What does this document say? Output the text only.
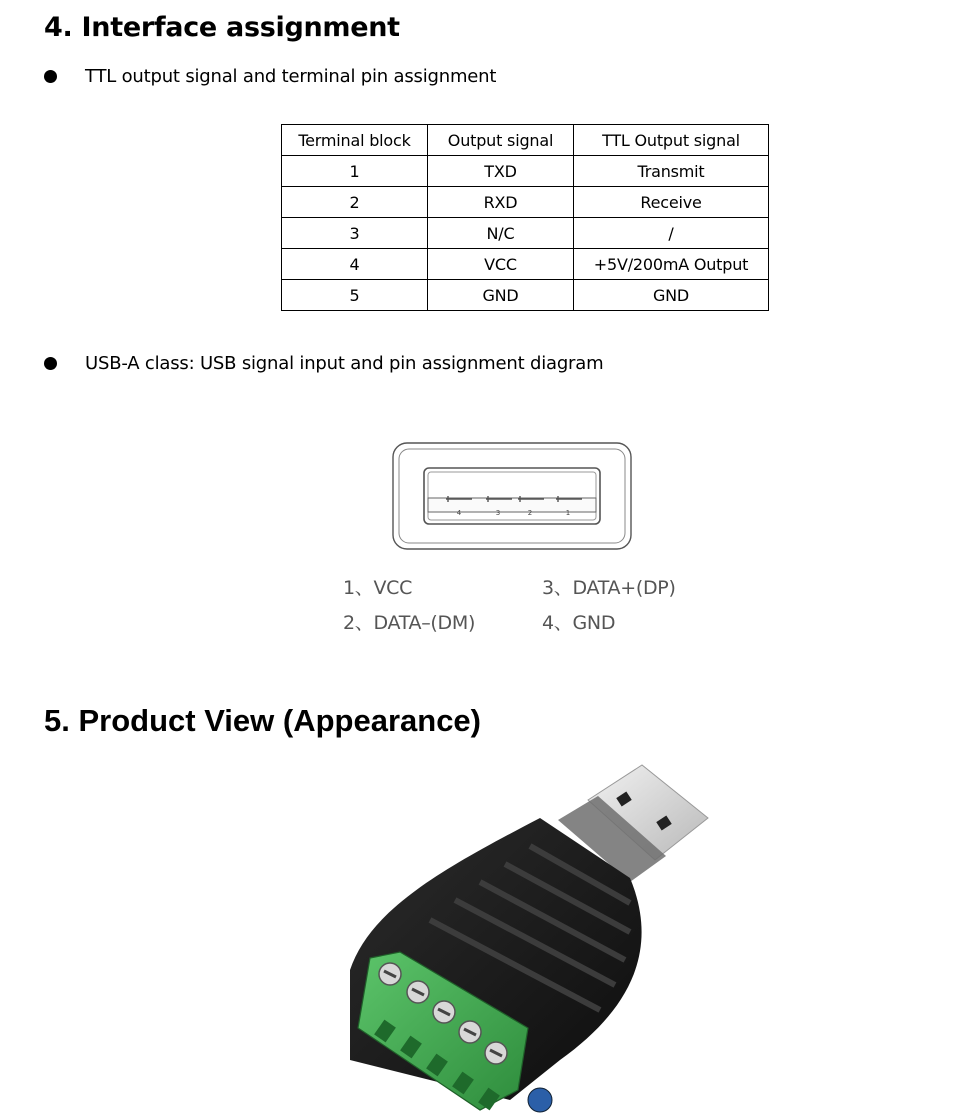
4. Interface assignment
TTL output signal and terminal pin assignment
Terminal block	Output signal	TTL Output signal
1	TXD	Transmit
2	RXD	Receive
3	N/C	/
4	VCC	+5V/200mA Output
5	GND	GND
USB-A class: USB signal input and pin assignment diagram
4	3	2	1
1、VCC
2、DATA–(DM)
3、DATA+(DP)
4、GND
5. Product View (Appearance)
